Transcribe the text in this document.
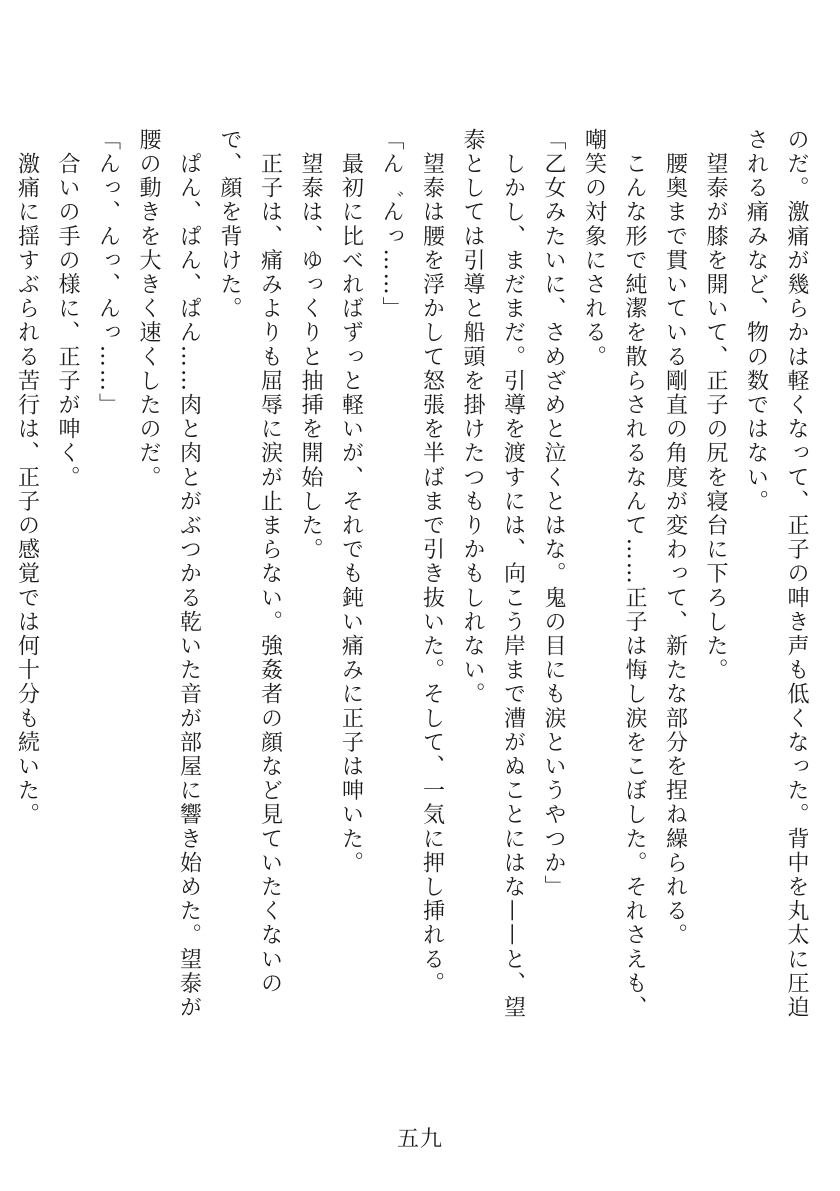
のだ。激痛が幾らかは軽くなって、正子の呻き声も低くなった。背中を丸太に圧迫される痛みなど、物の数ではない。

　望泰が膝を開いて、正子の尻を寝台に下ろした。

　腰奥まで貫いている剛直の角度が変わって、新たな部分を捏ね繰られる。

　こんな形で純潔を散らされるなんて……正子は悔し涙をこぼした。それさえも、嘲笑の対象にされる。

「乙女みたいに、さめざめと泣くとはな。鬼の目にも涙というやつか」

　しかし、まだまだ。引導を渡すには、向こう岸まで漕がぬことにはな——と、望泰としては引導と船頭を掛けたつもりかもしれない。

　望泰は腰を浮かして怒張を半ばまで引き抜いた。そして、一気に押し挿れる。

「ん゛んっ……」

　最初に比べればずっと軽いが、それでも鈍い痛みに正子は呻いた。

　望泰は、ゆっくりと抽挿を開始した。

　正子は、痛みよりも屈辱に涙が止まらない。強姦者の顔など見ていたくないので、顔を背けた。

　ぱん、ぱん、ぱん……肉と肉とがぶつかる乾いた音が部屋に響き始めた。望泰が腰の動きを大きく速くしたのだ。

「んっ、んっ、んっ……」

　合いの手の様に、正子が呻く。

　激痛に揺すぶられる苦行は、正子の感覚では何十分も続いた。

五九
